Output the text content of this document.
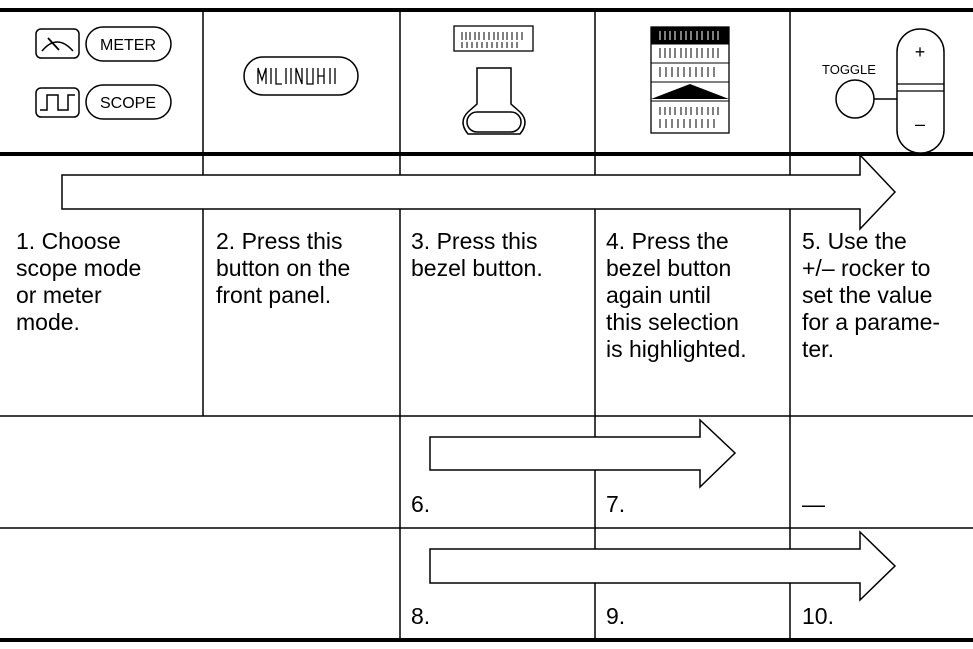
METER
SCOPE
TOGGLE
+
–
1. Choose
scope mode
or meter
mode.
2. Press this
button on the
front panel.
3. Press this
bezel button.
4. Press the
bezel button
again until
this selection
is highlighted.
5. Use the
+/– rocker to
set the value
for a parame-
ter.
6.	7.	—
8.	9.	10.
